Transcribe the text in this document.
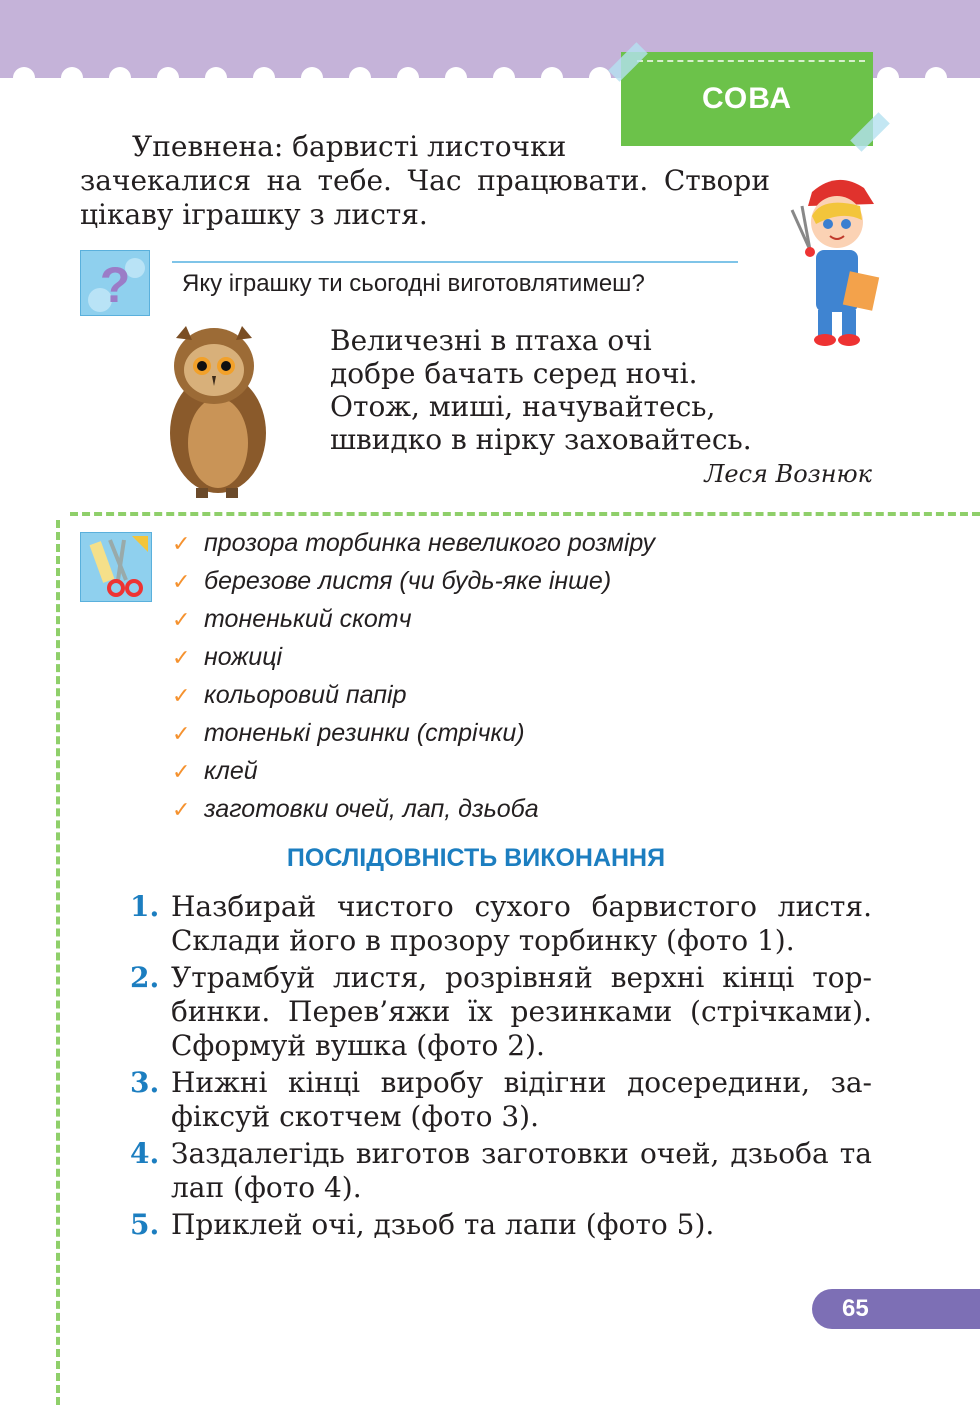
СОВА
Упевнена: барвисті листочки
зачекалися на тебе. Час працювати. Створи цікаву іграшку з листя.
? Яку іграшку ти сьогодні виготовлятимеш?
Величезні в птаха очі
добре бачать серед ночі.
Отож, миші, начувайтесь,
швидко в нірку заховайтесь.
Леся Вознюк
✓ прозора торбинка невеликого розміру
✓ березове листя (чи будь-яке інше)
✓ тоненький скотч
✓ ножиці
✓ кольоровий папір
✓ тоненькі резинки (стрічки)
✓ клей
✓ заготовки очей, лап, дзьоба
ПОСЛІДОВНІСТЬ ВИКОНАННЯ
1. Назбирай чистого сухого барвистого листя. Склади його в прозору торбинку (фото 1).
2. Утрамбуй листя, розрівняй верхні кінці торбинки. Перев’яжи їх резинками (стрічками). Сформуй вушка (фото 2).
3. Нижні кінці виробу відігни досередини, зафіксуй скотчем (фото 3).
4. Заздалегідь виготов заготовки очей, дзьоба та лап (фото 4).
5. Приклей очі, дзьоб та лапи (фото 5).
65
